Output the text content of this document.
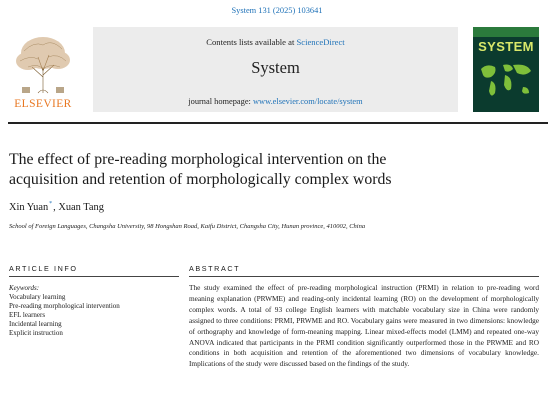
System 131 (2025) 103641
ELSEVIER
Contents lists available at ScienceDirect
System
journal homepage: www.elsevier.com/locate/system
SYSTEM
The effect of pre-reading morphological intervention on the acquisition and retention of morphologically complex words
Xin Yuan*, Xuan Tang
School of Foreign Languages, Changsha University, 98 Hongshan Road, Kaifu District, Changsha City, Hunan province, 410002, China
ARTICLE INFO	ABSTRACT
Keywords:
Vocabulary learning
Pre-reading morphological intervention
EFL learners
Incidental learning
Explicit instruction
The study examined the effect of pre-reading morphological instruction (PRMI) in relation to pre-reading word meaning explanation (PRWME) and reading-only incidental learning (RO) on the development of morphologically complex words. A total of 93 college English learners with matchable vocabulary size in China were randomly assigned to three conditions: PRMI, PRWME and RO. Vocabulary gains were measured in two dimensions: knowledge of orthography and knowledge of form-meaning mapping. Linear mixed-effects model (LMM) and repeated one-way ANOVA indicated that participants in the PRMI condition significantly outperformed those in the PRWME and RO conditions in both acquisition and retention of the aforementioned two dimensions of vocabulary knowledge. Implications of the study were discussed based on the findings of the study.
